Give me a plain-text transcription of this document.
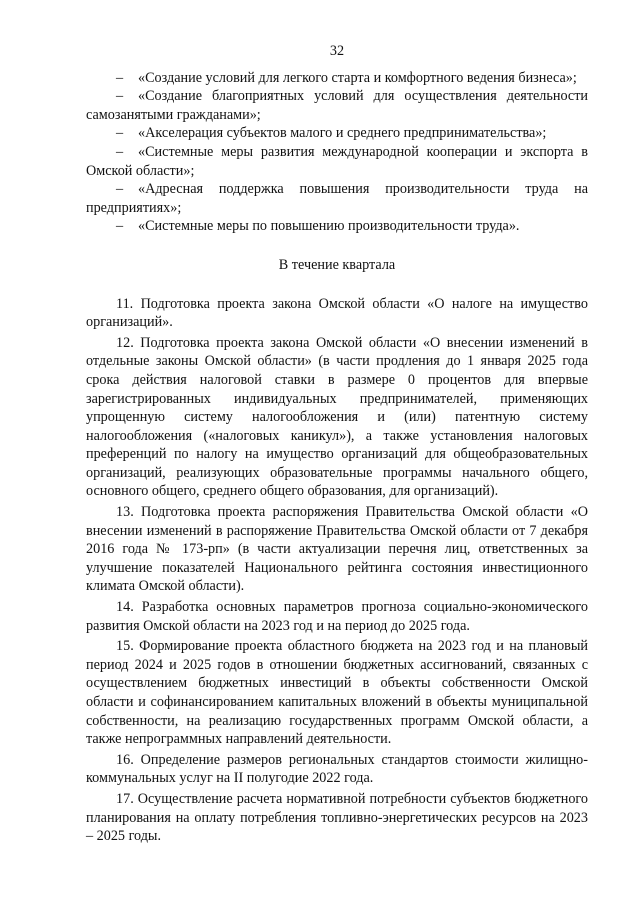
32
– «Создание условий для легкого старта и комфортного ведения бизнеса»;
– «Создание благоприятных условий для осуществления деятельности самозанятыми гражданами»;
– «Акселерация субъектов малого и среднего предпринимательства»;
– «Системные меры развития международной кооперации и экспорта в Омской области»;
– «Адресная поддержка повышения производительности труда на предприятиях»;
– «Системные меры по повышению производительности труда».
В течение квартала

11. Подготовка проекта закона Омской области «О налоге на имущество организаций».

12. Подготовка проекта закона Омской области «О внесении изменений в отдельные законы Омской области» (в части продления до 1 января 2025 года срока действия налоговой ставки в размере 0 процентов для впервые зарегистрированных индивидуальных предпринимателей, применяющих упрощенную систему налогообложения и (или) патентную систему налогообложения («налоговых каникул»), а также установления налоговых преференций по налогу на имущество организаций для общеобразовательных организаций, реализующих образовательные программы начального общего, основного общего, среднего общего образования, для организаций).

13. Подготовка проекта распоряжения Правительства Омской области «О внесении изменений в распоряжение Правительства Омской области от 7 декабря 2016 года № 173-рп» (в части актуализации перечня лиц, ответственных за улучшение показателей Национального рейтинга состояния инвестиционного климата Омской области).

14. Разработка основных параметров прогноза социально-экономического развития Омской области на 2023 год и на период до 2025 года.

15. Формирование проекта областного бюджета на 2023 год и на плановый период 2024 и 2025 годов в отношении бюджетных ассигнований, связанных с осуществлением бюджетных инвестиций в объекты собственности Омской области и софинансированием капитальных вложений в объекты муниципальной собственности, на реализацию государственных программ Омской области, а также непрограммных направлений деятельности.

16. Определение размеров региональных стандартов стоимости жилищно-коммунальных услуг на II полугодие 2022 года.

17. Осуществление расчета нормативной потребности субъектов бюджетного планирования на оплату потребления топливно-энергетических ресурсов на 2023 – 2025 годы.
